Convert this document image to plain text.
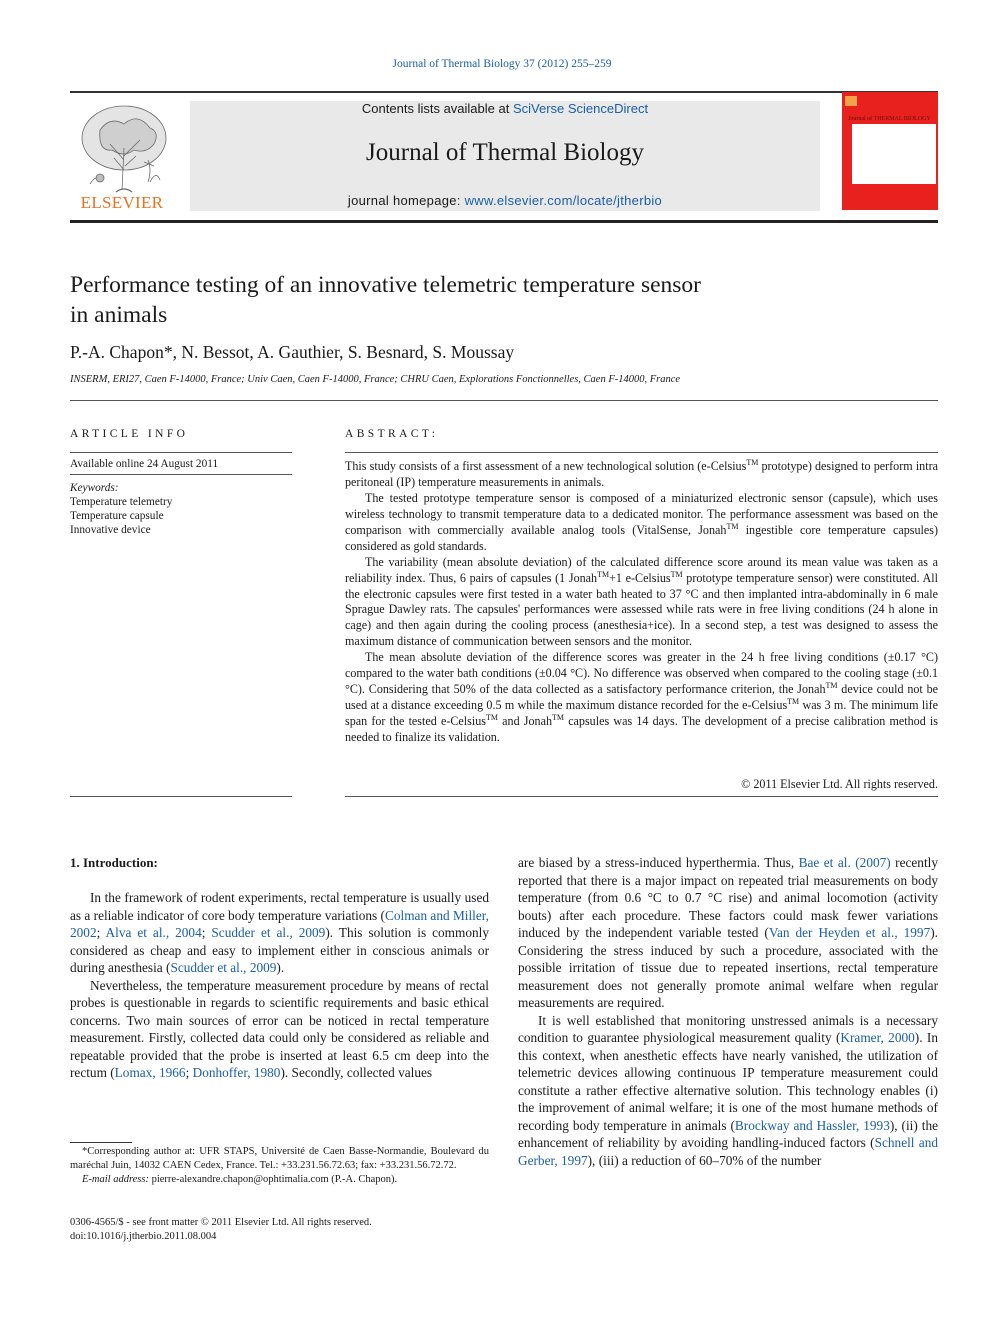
Journal of Thermal Biology 37 (2012) 255–259
ELSEVIER
Contents lists available at SciVerse ScienceDirect
Journal of Thermal Biology
journal homepage: www.elsevier.com/locate/jtherbio
Journal of THERMAL BIOLOGY
Performance testing of an innovative telemetric temperature sensor
in animals
P.-A. Chapon*, N. Bessot, A. Gauthier, S. Besnard, S. Moussay
INSERM, ERI27, Caen F-14000, France; Univ Caen, Caen F-14000, France; CHRU Caen, Explorations Fonctionnelles, Caen F-14000, France
ARTICLE INFO
Available online 24 August 2011
Keywords:
Temperature telemetry
Temperature capsule
Innovative device
ABSTRACT:

This study consists of a first assessment of a new technological solution (e-Celsius™ prototype) designed to perform intra peritoneal (IP) temperature measurements in animals.

The tested prototype temperature sensor is composed of a miniaturized electronic sensor (capsule), which uses wireless technology to transmit temperature data to a dedicated monitor. The performance assessment was based on the comparison with commercially available analog tools (VitalSense, Jonah™ ingestible core temperature capsules) considered as gold standards.

The variability (mean absolute deviation) of the calculated difference score around its mean value was taken as a reliability index. Thus, 6 pairs of capsules (1 Jonah™+1 e-Celsius™ prototype temperature sensor) were constituted. All the electronic capsules were first tested in a water bath heated to 37 °C and then implanted intra-abdominally in 6 male Sprague Dawley rats. The capsules' performances were assessed while rats were in free living conditions (24 h alone in cage) and then again during the cooling process (anesthesia+ice). In a second step, a test was designed to assess the maximum distance of communication between sensors and the monitor.

The mean absolute deviation of the difference scores was greater in the 24 h free living conditions (±0.17 °C) compared to the water bath conditions (±0.04 °C). No difference was observed when compared to the cooling stage (±0.1 °C). Considering that 50% of the data collected as a satisfactory performance criterion, the Jonah™ device could not be used at a distance exceeding 0.5 m while the maximum distance recorded for the e-Celsius™ was 3 m. The minimum life span for the tested e-Celsius™ and Jonah™ capsules was 14 days. The development of a precise calibration method is needed to finalize its validation.

© 2011 Elsevier Ltd. All rights reserved.
1. Introduction:

In the framework of rodent experiments, rectal temperature is usually used as a reliable indicator of core body temperature variations (Colman and Miller, 2002; Alva et al., 2004; Scudder et al., 2009). This solution is commonly considered as cheap and easy to implement either in conscious animals or during anesthesia (Scudder et al., 2009).

Nevertheless, the temperature measurement procedure by means of rectal probes is questionable in regards to scientific requirements and basic ethical concerns. Two main sources of error can be noticed in rectal temperature measurement. Firstly, collected data could only be considered as reliable and repeatable provided that the probe is inserted at least 6.5 cm deep into the rectum (Lomax, 1966; Donhoffer, 1980). Secondly, collected values

are biased by a stress-induced hyperthermia. Thus, Bae et al. (2007) recently reported that there is a major impact on repeated trial measurements on body temperature (from 0.6 °C to 0.7 °C rise) and animal locomotion (activity bouts) after each procedure. These factors could mask fewer variations induced by the independent variable tested (Van der Heyden et al., 1997). Considering the stress induced by such a procedure, associated with the possible irritation of tissue due to repeated insertions, rectal temperature measurement does not generally promote animal welfare when regular measurements are required.

It is well established that monitoring unstressed animals is a necessary condition to guarantee physiological measurement quality (Kramer, 2000). In this context, when anesthetic effects have nearly vanished, the utilization of telemetric devices allowing continuous IP temperature measurement could constitute a rather effective alternative solution. This technology enables (i) the improvement of animal welfare; it is one of the most humane methods of recording body temperature in animals (Brockway and Hassler, 1993), (ii) the enhancement of reliability by avoiding handling-induced factors (Schnell and Gerber, 1997), (iii) a reduction of 60–70% of the number

*Corresponding author at: UFR STAPS, Université de Caen Basse-Normandie, Boulevard du maréchal Juin, 14032 CAEN Cedex, France. Tel.: +33.231.56.72.63; fax: +33.231.56.72.72.

E-mail address: pierre-alexandre.chapon@ophtimalia.com (P.-A. Chapon).

0306-4565/$ - see front matter © 2011 Elsevier Ltd. All rights reserved.
doi:10.1016/j.jtherbio.2011.08.004
